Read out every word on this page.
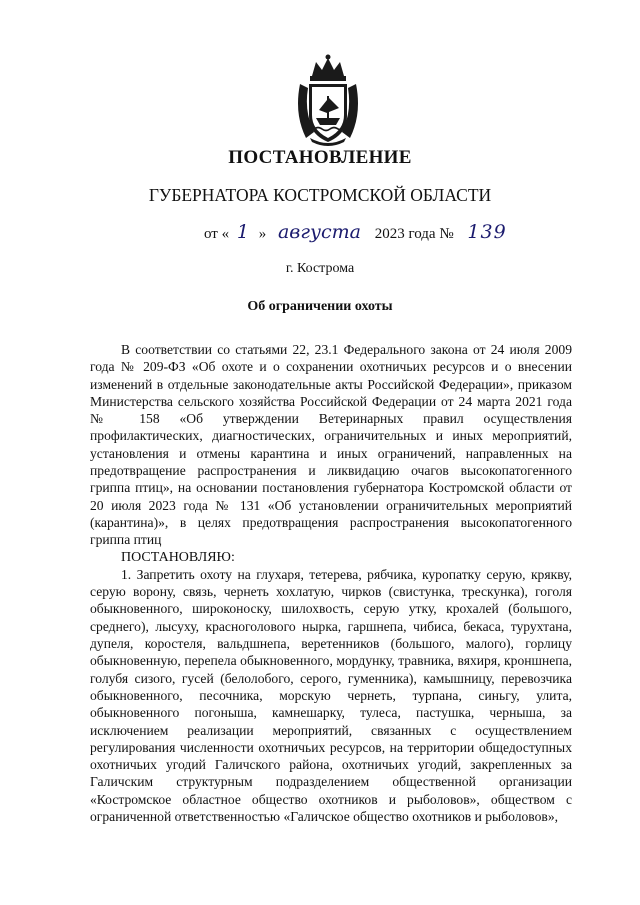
ПОСТАНОВЛЕНИЕ
ГУБЕРНАТОРА КОСТРОМСКОЙ ОБЛАСТИ
от « 1 » августа 2023 года № 139
г. Кострома
Об ограничении охоты

В соответствии со статьями 22, 23.1 Федерального закона от 24 июля 2009 года № 209-ФЗ «Об охоте и о сохранении охотничьих ресурсов и о внесении изменений в отдельные законодательные акты Российской Федерации», приказом Министерства сельского хозяйства Российской Федерации от 24 марта 2021 года № 158 «Об утверждении Ветеринарных правил осуществления профилактических, диагностических, ограничительных и иных мероприятий, установления и отмены карантина и иных ограничений, направленных на предотвращение распространения и ликвидацию очагов высокопатогенного гриппа птиц», на основании постановления губернатора Костромской области от 20 июля 2023 года № 131 «Об установлении ограничительных мероприятий (карантина)», в целях предотвращения распространения высокопатогенного гриппа птиц

ПОСТАНОВЛЯЮ:

1. Запретить охоту на глухаря, тетерева, рябчика, куропатку серую, крякву, серую ворону, связь, чернеть хохлатую, чирков (свистунка, трескунка), гоголя обыкновенного, широконоску, шилохвость, серую утку, крохалей (большого, среднего), лысуху, красноголового нырка, гаршнепа, чибиса, бекаса, турухтана, дупеля, коростеля, вальдшнепа, веретенников (большого, малого), горлицу обыкновенную, перепела обыкновенного, мордунку, травника, вяхиря, кроншнепа, голубя сизого, гусей (белолобого, серого, гуменника), камышницу, перевозчика обыкновенного, песочника, морскую чернеть, турпана, синьгу, улита, обыкновенного погоныша, камнешарку, тулеса, пастушка, черныша, за исключением реализации мероприятий, связанных с осуществлением регулирования численности охотничьих ресурсов, на территории общедоступных охотничьих угодий Галичского района, охотничьих угодий, закрепленных за Галичским структурным подразделением общественной организации «Костромское областное общество охотников и рыболовов», обществом с ограниченной ответственностью «Галичское общество охотников и рыболовов»,
